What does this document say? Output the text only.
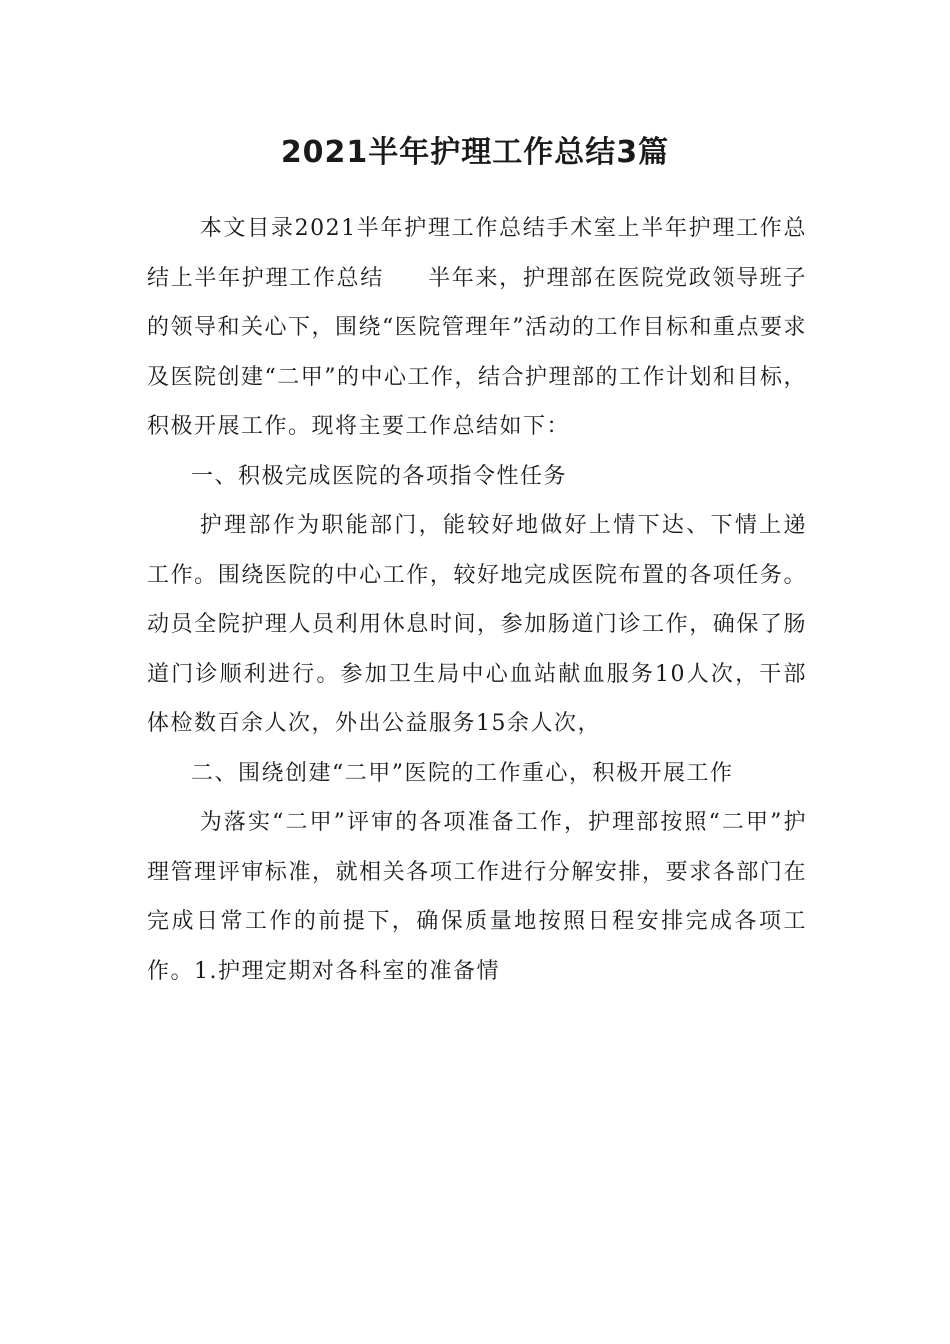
2021半年护理工作总结3篇

本文目录2021半年护理工作总结手术室上半年护理工作总结上半年护理工作总结 半年来，护理部在医院党政领导班子的领导和关心下，围绕“医院管理年”活动的工作目标和重点要求及医院创建“二甲”的中心工作，结合护理部的工作计划和目标，积极开展工作。现将主要工作总结如下：

一、积极完成医院的各项指令性任务

护理部作为职能部门，能较好地做好上情下达、下情上递工作。围绕医院的中心工作，较好地完成医院布置的各项任务。动员全院护理人员利用休息时间，参加肠道门诊工作，确保了肠道门诊顺利进行。参加卫生局中心血站献血服务10人次，干部体检数百余人次，外出公益服务15余人次，

二、围绕创建“二甲”医院的工作重心，积极开展工作

为落实“二甲”评审的各项准备工作，护理部按照“二甲”护理管理评审标准，就相关各项工作进行分解安排，要求各部门在完成日常工作的前提下，确保质量地按照日程安排完成各项工作。1.护理定期对各科室的准备情
